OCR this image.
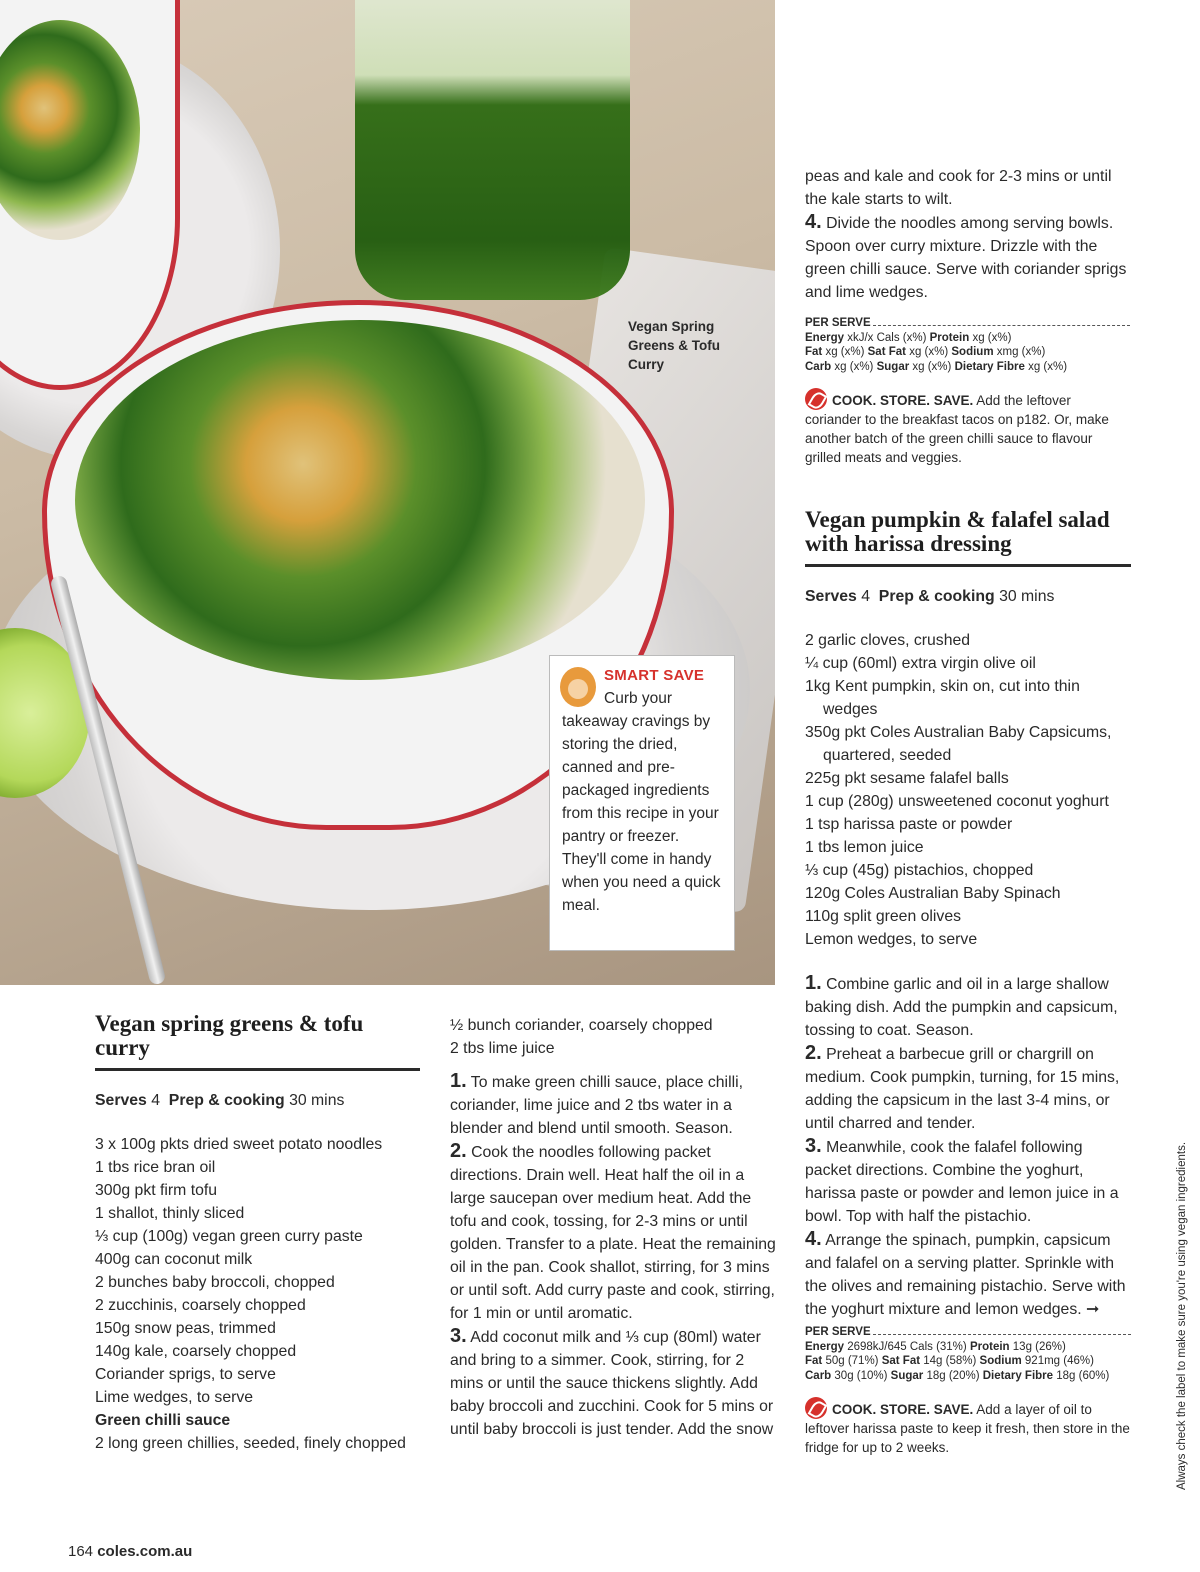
Vegan Spring Greens & Tofu Curry
SMART SAVE
Curb your takeaway cravings by storing the dried, canned and pre-packaged ingredients from this recipe in your pantry or freezer. They'll come in handy when you need a quick meal.
Vegan spring greens & tofu curry
Serves 4 Prep & cooking 30 mins
3 x 100g pkts dried sweet potato noodles
1 tbs rice bran oil
300g pkt firm tofu
1 shallot, thinly sliced
⅓ cup (100g) vegan green curry paste
400g can coconut milk
2 bunches baby broccoli, chopped
2 zucchinis, coarsely chopped
150g snow peas, trimmed
140g kale, coarsely chopped
Coriander sprigs, to serve
Lime wedges, to serve
Green chilli sauce
2 long green chillies, seeded, finely chopped
½ bunch coriander, coarsely chopped
2 tbs lime juice
1. To make green chilli sauce, place chilli, coriander, lime juice and 2 tbs water in a blender and blend until smooth. Season.
2. Cook the noodles following packet directions. Drain well. Heat half the oil in a large saucepan over medium heat. Add the tofu and cook, tossing, for 2-3 mins or until golden. Transfer to a plate. Heat the remaining oil in the pan. Cook shallot, stirring, for 3 mins or until soft. Add curry paste and cook, stirring, for 1 min or until aromatic.
3. Add coconut milk and ⅓ cup (80ml) water and bring to a simmer. Cook, stirring, for 2 mins or until the sauce thickens slightly. Add baby broccoli and zucchini. Cook for 5 mins or until baby broccoli is just tender. Add the snow
peas and kale and cook for 2-3 mins or until the kale starts to wilt.
4. Divide the noodles among serving bowls. Spoon over curry mixture. Drizzle with the green chilli sauce. Serve with coriander sprigs and lime wedges.
PER SERVE
Energy xkJ/x Cals (x%) Protein xg (x%)
Fat xg (x%) Sat Fat xg (x%) Sodium xmg (x%)
Carb xg (x%) Sugar xg (x%) Dietary Fibre xg (x%)
COOK. STORE. SAVE. Add the leftover coriander to the breakfast tacos on p182. Or, make another batch of the green chilli sauce to flavour grilled meats and veggies.
Vegan pumpkin & falafel salad with harissa dressing
Serves 4 Prep & cooking 30 mins
2 garlic cloves, crushed
¼ cup (60ml) extra virgin olive oil
1kg Kent pumpkin, skin on, cut into thin wedges
350g pkt Coles Australian Baby Capsicums, quartered, seeded
225g pkt sesame falafel balls
1 cup (280g) unsweetened coconut yoghurt
1 tsp harissa paste or powder
1 tbs lemon juice
⅓ cup (45g) pistachios, chopped
120g Coles Australian Baby Spinach
110g split green olives
Lemon wedges, to serve
1. Combine garlic and oil in a large shallow baking dish. Add the pumpkin and capsicum, tossing to coat. Season.
2. Preheat a barbecue grill or chargrill on medium. Cook pumpkin, turning, for 15 mins, adding the capsicum in the last 3-4 mins, or until charred and tender.
3. Meanwhile, cook the falafel following packet directions. Combine the yoghurt, harissa paste or powder and lemon juice in a bowl. Top with half the pistachio.
4. Arrange the spinach, pumpkin, capsicum and falafel on a serving platter. Sprinkle with the olives and remaining pistachio. Serve with the yoghurt mixture and lemon wedges. ➞
PER SERVE
Energy 2698kJ/645 Cals (31%) Protein 13g (26%)
Fat 50g (71%) Sat Fat 14g (58%) Sodium 921mg (46%)
Carb 30g (10%) Sugar 18g (20%) Dietary Fibre 18g (60%)
COOK. STORE. SAVE. Add a layer of oil to leftover harissa paste to keep it fresh, then store in the fridge for up to 2 weeks.	Always check the label to make sure you're using vegan ingredients.
164 coles.com.au
